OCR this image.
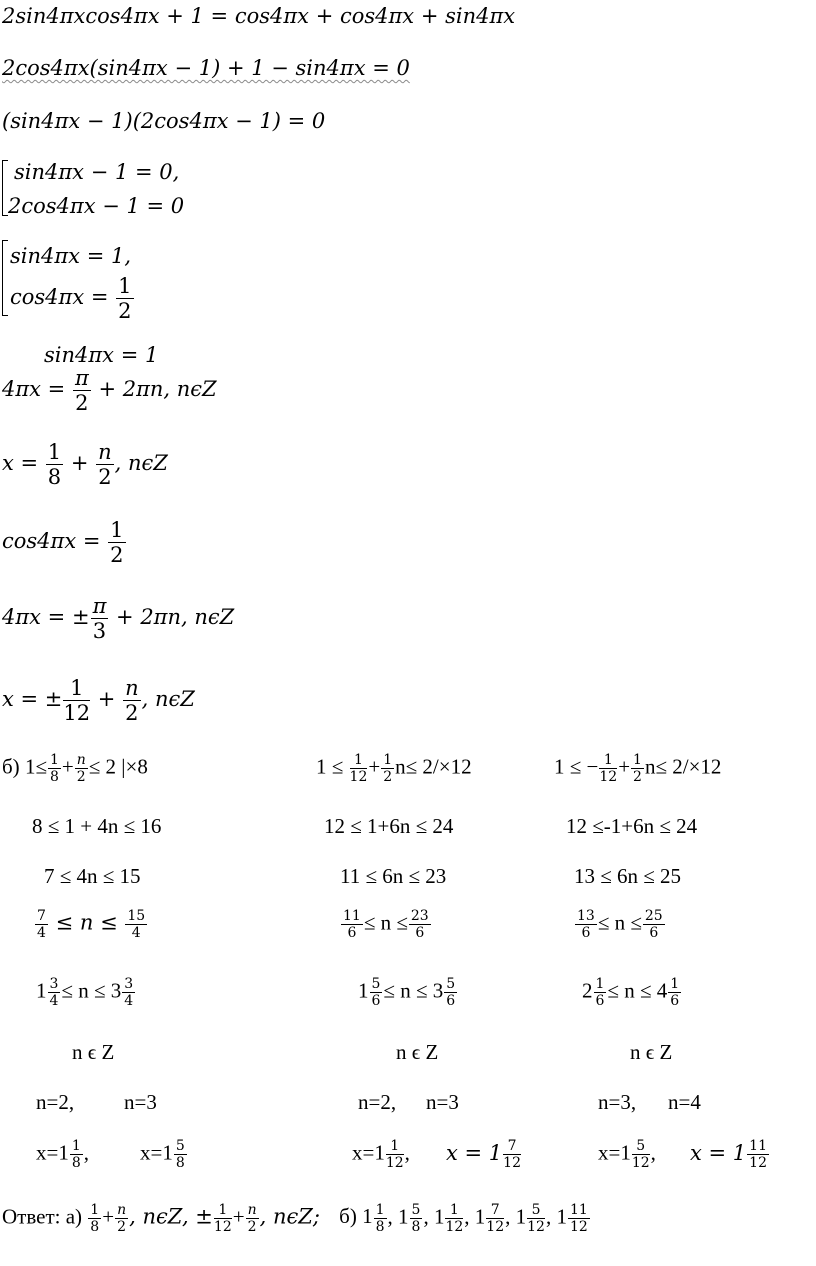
2sin4πxcos4πx + 1 = cos4πx + cos4πx + sin4πx
2cos4πx(sin4πx − 1) + 1 − sin4πx = 0
(sin4πx − 1)(2cos4πx − 1) = 0
sin4πx − 1 = 0,
2cos4πx − 1 = 0
sin4πx = 1,
$\cos 4\pi x = \frac{1}{2}$
sin4πx = 1
$4\pi x = \frac{\pi}{2} + 2\pi n$, nϵZ
$x = \frac{1}{8} + \frac{n}{2}$ , nϵZ
$\cos 4\pi x = \frac{1}{2}$
4πx = ± $\frac{\pi}{3} + 2\pi n$, nϵZ
x = ± $\frac{1}{12} + \frac{n}{2}$ , nϵZ
б) $1\le \frac{1}{8} + \frac{n}{2} \le 2$ |×8
8 ≤ 1 + 4n ≤ 16
7 ≤ 4n ≤ 15
$\frac{7}{4} \le n \le \frac{15}{4}$
$1 \frac{3}{4} \le n \le 3 \frac{3}{4}$
n ϵ Z
n=2, n=3
$x=1 \frac{1}{8}$ , $x=1 \frac{5}{8}$
$1 \le \frac{1}{12} + \frac{1}{2} n\le 2/\times 12$
12 ≤ 1+6n ≤ 24
11 ≤ 6n ≤ 23
$\frac{11}{6} \le n \le \frac{23}{6}$
$1 \frac{5}{6} \le n \le 3 \frac{5}{6}$
n ϵ Z
n=2, n=3
$x=1 \frac{1}{12}$ , $x = 1 \frac{7}{12}$
1 ≤ − $\frac{1}{12} + \frac{1}{2} n\le 2/\times 12$
12 ≤-1+6n ≤ 24
13 ≤ 6n ≤ 25
$\frac{13}{6} \le n \le \frac{25}{6}$
$2 \frac{1}{6} \le n \le 4 \frac{1}{6}$
n ϵ Z
n=3, n=4
$x=1 \frac{5}{12}$ , $x = 1 \frac{11}{12}$
Ответ: $а) \frac{1}{8} + \frac{n}{2}$ , nϵZ, ± $\frac{1}{12} + \frac{n}{2}$ , nϵZ; б) $1 \frac{1}{8}$ , $1 \frac{5}{8}$ , $1 \frac{1}{12}$ , $1 \frac{7}{12}$ , $1 \frac{5}{12}$ , $1 \frac{11}{12}$
